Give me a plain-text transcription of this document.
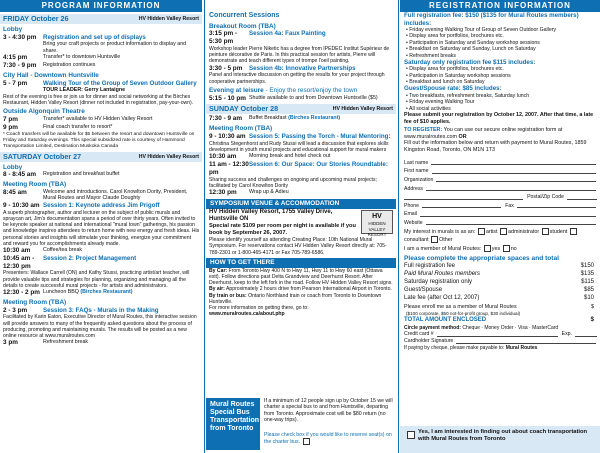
PROGRAM INFORMATION
FRIDAY October 26	HV Hidden Valley Resort
Lobby
3 - 4:30 pm	Registration and set up of displays
Bring your craft projects or product information to display and share.
4:15 pm	Transfer* to downtown Huntsville
7:30 - 9 pm	Registration continues
City Hall - Downtown Huntsville
5 - 7 pm	Walking Tour of the Group of Seven Outdoor Gallery
TOUR LEADER: Gerry Lantaigne
Rest of the evening is free or join us for dinner and social networking at the Birches Restaurant, Hidden Valley Resort (dinner not included in registration, pay-your-own).
Outside Algonquin Theatre
7 pm	Transfer* available to HV Hidden Valley Resort
9 pm	Final coach transfer to resort*
* Coach transfers will be available for $5 between the resort and downtown Huntsville on Friday and Saturday evenings. This special subsidized rate is courtesy of Hammond Transportation Limited, Destination Muskoka Canada
SATURDAY October 27	HV Hidden Valley Resort
Lobby
8 - 8:45 am	Registration and breakfast buffet
Meeting Room (TBA)
8:45 am	Welcome and introductions. Carol Knowlton Dority, President, Mural Routes and Mayor Claude Doughty
9 - 10:30 am Session 1: Keynote address Jim Prigoff
A superb photographer, author and lecturer on the subject of public murals and spraycan art, Jim's documentation spans a period of over thirty years. Often invited to be keynote speaker at national and international "mural town" gatherings, his passion and knowledge inspires attendees to return home with new energy and fresh ideas. His personal stories and insights will stimulate your thinking, energize your commitment and reward you for accomplishments already made.
10:30 am	Coffee/tea break
10:45 am - 12:30 pm
Session 2: Project Management
Presenters: Wallace Carrell (ON) and Kathy Stussi, practicing artist/art teacher, will provide valuable tips and strategies for planning, organizing and managing all the details to create successful mural projects - for artists and administrators.
12:30 - 2 pm Luncheon BBQ (Birches Restaurant)
Meeting Room (TBA)
2 - 3 pm	Session 3: FAQs - Murals in the Making
Facilitated by Karin Eaton, Executive Director of Mural Routes, this interactive session will provide answers to many of the frequently asked questions about the process of producing, promoting and maintaining murals. The results will be posted as a new online resource at www.muralroutes.com
3 pm	Refreshment break
Concurrent Sessions
Breakout Room (TBA)
3:15 pm - 5:30 pm
Session 4a: Faux Painting
Workshop leader Pierre Niketic has a degree from IPEDEC Institut Supérieur de peinture décorative de Paris. In this practical session for artists, Pierre will demonstrate and teach different types of trompe l'oeil painting.
3:30 - 5 pm	Session 4b: Innovative Partnerships
Panel and interactive discussion on getting the results for your project through cooperative partnerships.
Evening at leisure - Enjoy the resort/enjoy the town
5:15 - 10 pm Shuttle available to and from Downtown Huntsville ($5)
SUNDAY October 28	HV Hidden Valley Resort
7:30 - 9 am	Buffet Breakfast (Birches Restaurant)
Meeting Room (TBA)
9 - 10:30 am Session 5: Passing the Torch - Mural Mentoring:
Christina Stegenhorst and Rudy Stussi will lead a discussion that explores skills development in youth mural projects and educational support for mural makers
10:30 am	Morning break and hotel check out
11 am - 12:30 pm
Session 6: Our Space: Our Stories Roundtable:
Sharing success and challenges on ongoing and upcoming mural projects; facilitated by Carol Knowlton Dority
12:30 pm	Wrap up & Adieu
SYMPOSIUM VENUE & ACCOMMODATION
HV Hidden Valley Resort, 1755 Valley Drive, Huntsville ON
Special rate $109 per room per night is available if you book by September 26, 2007.
HV
HIDDEN VALLEY RESORT
Please identify yourself as attending Creating Place: 10th National Mural Symposium. For reservations contact HV Hidden Valley Resort directly at: 705-789-2301 or 1-800-465-4171 or Fax 705-789-6586.
HOW TO GET THERE
By Car: From Toronto Hwy 400 N to Hwy 11, Hwy 11 to Hwy 60 east (Ottawa exit). Follow directions past Delta Grandview and Deerhurst Resort. After Deerhurst, keep to the left fork in the road. Follow HV Hidden Valley Resort signs.
By air: Approximately 2 hours drive from Pearson International Airport in Toronto.
By train or bus: Ontario Northland train or coach from Toronto to Downtown Huntsville.
For more information on getting there, go to:
www.muralroutes.ca/about.php
Mural Routes Special Bus Transportation from Toronto
If a minimum of 12 people sign up by October 15 we will charter a special bus to and from Huntsville, departing from Toronto. Approximate cost will be $80 return (no one-way trips).
Please check box if you would like to reserve seat(s) on the charter bus.
REGISTRATION INFORMATION
Full registration fee: $150 ($135 for Mural Routes members) includes:
• Friday evening Walking Tour of Group of Seven Outdoor Gallery
• Display area for portfolios, brochures etc.
• Participation in Saturday and Sunday workshop sessions
• Breakfast on Saturday and Sunday, Lunch on Saturday
• Refreshment breaks
Saturday only registration fee $115 includes:
• Display area for portfolios, brochures etc.
• Participation in Saturday workshop sessions
• Breakfast and lunch on Saturday
Guest/Spouse rate: $85 includes:
• Two breakfasts, refreshment breaks, Saturday lunch
• Friday evening Walking Tour
• All social activities
Please submit your registration by October 12, 2007. After that time, a late fee of $10 applies.
TO REGISTER: You can use our secure online registration form at www.muralroutes.com OR
Fill out the information below and return with payment to Mural Routes, 1859 Kingston Road, Toronto, ON M1N 1T3
Last name
First name
Organization
Address
Postal/Zip Code
Phone	Fax
Email
Website
My interest in murals is as an: artist administrator student consultant Other
I am a member of Mural Routes: yes no
Please complete the appropriate spaces and total
Full registration fee	$150
Paid Mural Routes members	$135
Saturday registration only	$115
Guest/Spouse	$85
Late fee (after Oct 12, 2007)	$10
Please enroll me as a member of Mural Routes	$
($100 corporate, $50 not-for-profit group, $30 individual)
TOTAL AMOUNT ENCLOSED	$
Circle payment method: Cheque · Money Order · Visa · MasterCard
Credit card #	Exp.
Cardholder Signature
If paying by cheque, please make payable to: Mural Routes
Yes, I am interested in finding out about coach transportation with Mural Routes from Toronto
